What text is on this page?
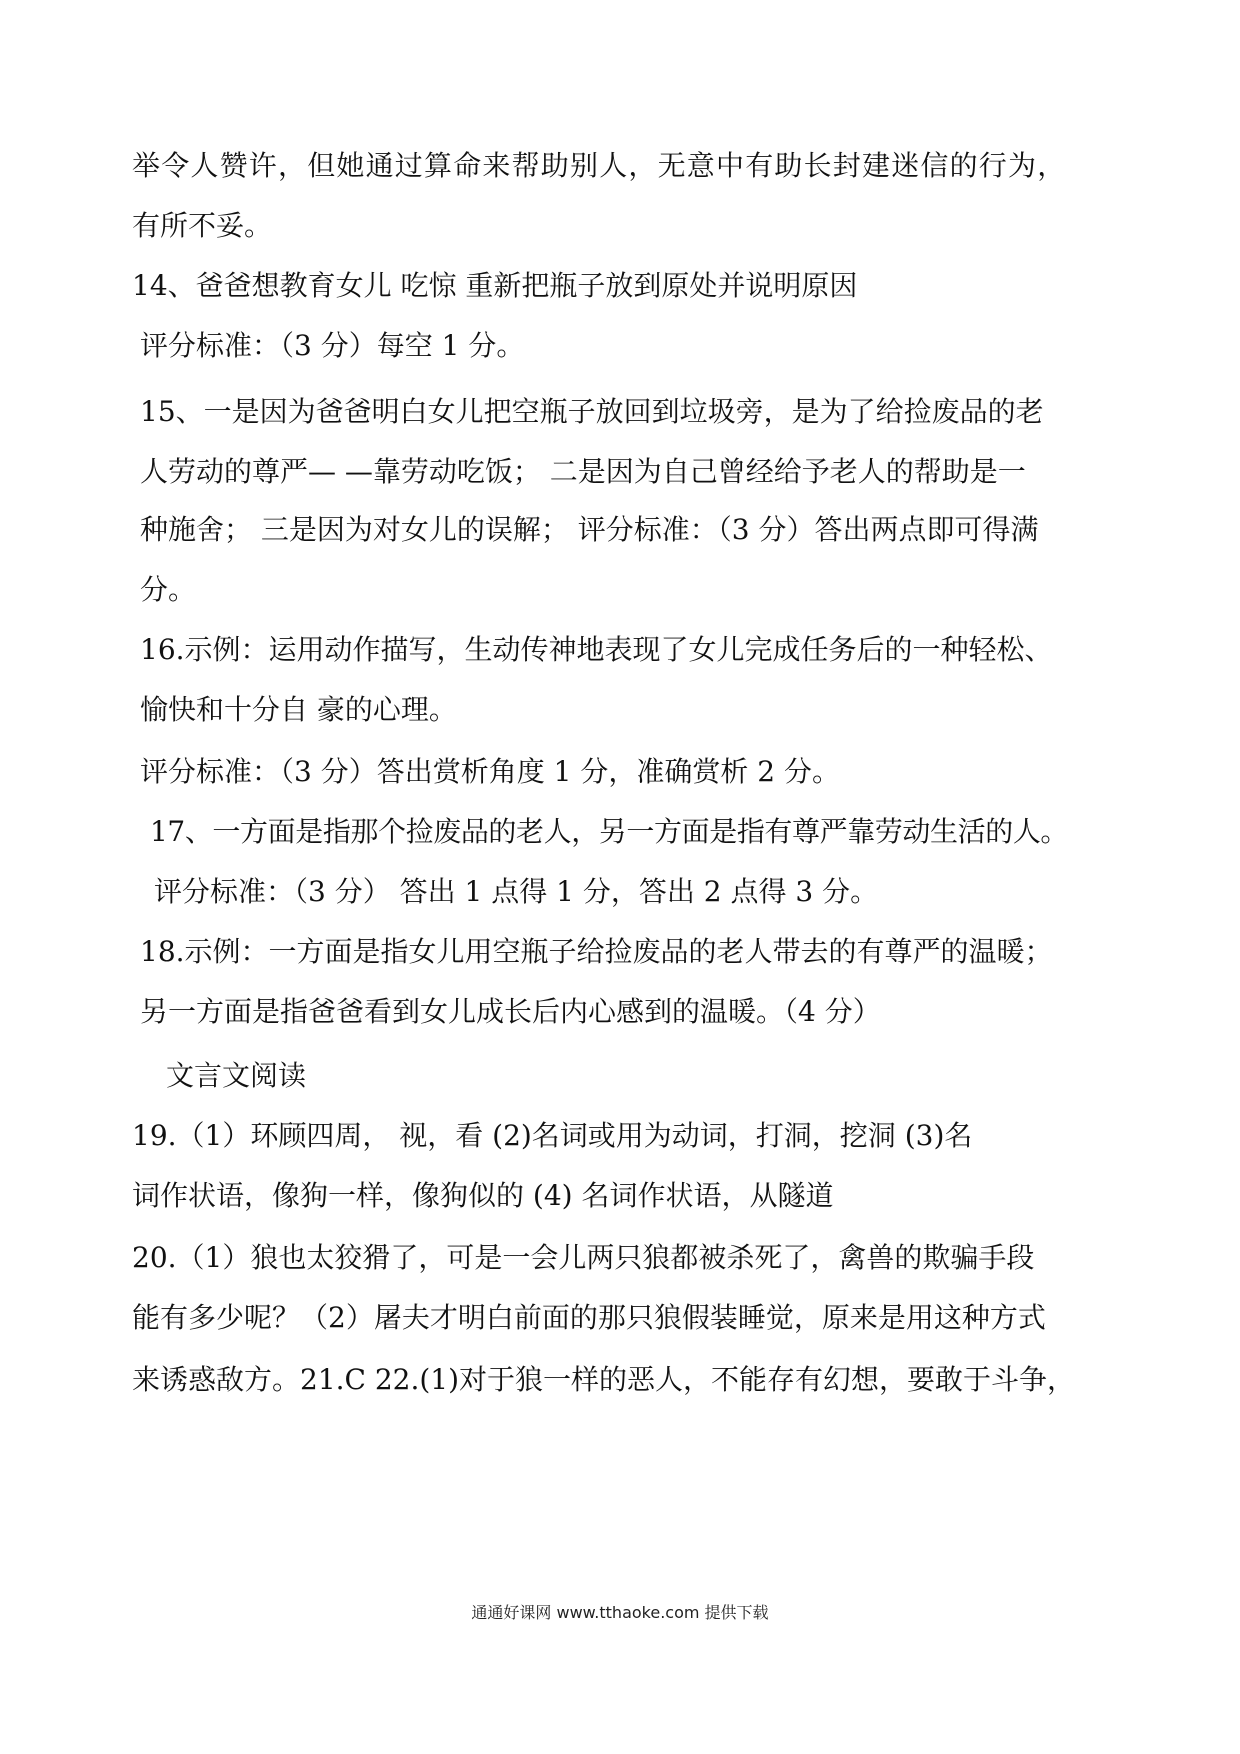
举令人赞许，但她通过算命来帮助别人，无意中有助长封建迷信的行为，
有所不妥。
14、爸爸想教育女儿 吃惊 重新把瓶子放到原处并说明原因
评分标准：（3 分）每空 1 分。
15、一是因为爸爸明白女儿把空瓶子放回到垃圾旁，是为了给捡废品的老
人劳动的尊严— —靠劳动吃饭； 二是因为自己曾经给予老人的帮助是一
种施舍； 三是因为对女儿的误解； 评分标准：（3 分）答出两点即可得满
分。
16.示例：运用动作描写，生动传神地表现了女儿完成任务后的一种轻松、
愉快和十分自 豪的心理。
评分标准：（3 分）答出赏析角度 1 分，准确赏析 2 分。
17、一方面是指那个捡废品的老人，另一方面是指有尊严靠劳动生活的人。
评分标准：（3 分） 答出 1 点得 1 分，答出 2 点得 3 分。
18.示例：一方面是指女儿用空瓶子给捡废品的老人带去的有尊严的温暖；
另一方面是指爸爸看到女儿成长后内心感到的温暖。（4 分）
文言文阅读
19.（1）环顾四周， 视，看 (2)名词或用为动词，打洞，挖洞 (3)名
词作状语，像狗一样，像狗似的 (4) 名词作状语，从隧道
20.（1）狼也太狡猾了，可是一会儿两只狼都被杀死了，禽兽的欺骗手段
能有多少呢？（2）屠夫才明白前面的那只狼假装睡觉，原来是用这种方式
来诱惑敌方。21.C 22.(1)对于狼一样的恶人，不能存有幻想，要敢于斗争，
通通好课网 www.tthaoke.com 提供下载
